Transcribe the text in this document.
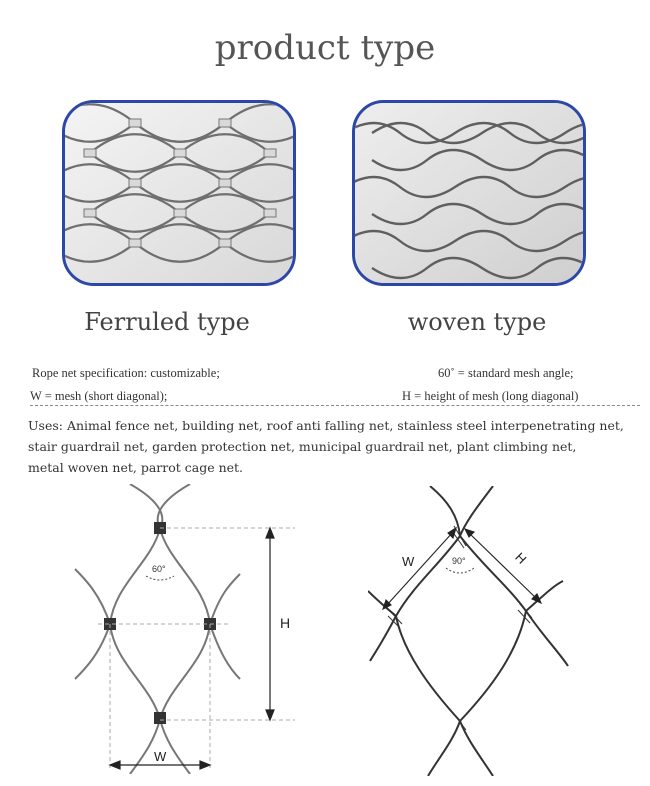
product type
Ferruled type	woven type
Rope net specification: customizable;	60˚ = standard mesh angle;
W = mesh (short diagonal);	H = height of mesh (long diagonal)
Uses: Animal fence net, building net, roof anti falling net, stainless steel interpenetrating net,
stair guardrail net, garden protection net, municipal guardrail net, plant climbing net,
metal woven net, parrot cage net.
60°
H
W
90°
W	H
